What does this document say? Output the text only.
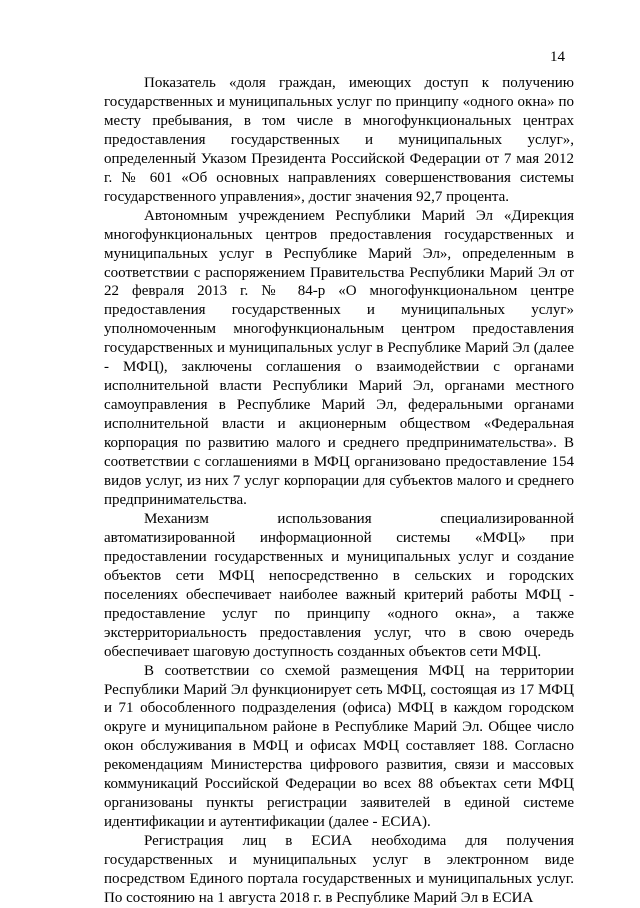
14

Показатель «доля граждан, имеющих доступ к получению государственных и муниципальных услуг по принципу «одного окна» по месту пребывания, в том числе в многофункциональных центрах предоставления государственных и муниципальных услуг», определенный Указом Президента Российской Федерации от 7 мая 2012 г. № 601 «Об основных направлениях совершенствования системы государственного управления», достиг значения 92,7 процента.

Автономным учреждением Республики Марий Эл «Дирекция многофункциональных центров предоставления государственных и муниципальных услуг в Республике Марий Эл», определенным в соответствии с распоряжением Правительства Республики Марий Эл от 22 февраля 2013 г. № 84-р «О многофункциональном центре предоставления государственных и муниципальных услуг» уполномоченным многофункциональным центром предоставления государственных и муниципальных услуг в Республике Марий Эл (далее - МФЦ), заключены соглашения о взаимодействии с органами исполнительной власти Республики Марий Эл, органами местного самоуправления в Республике Марий Эл, федеральными органами исполнительной власти и акционерным обществом «Федеральная корпорация по развитию малого и среднего предпринимательства». В соответствии с соглашениями в МФЦ организовано предоставление 154 видов услуг, из них 7 услуг корпорации для субъектов малого и среднего предпринимательства.

Механизм использования специализированной автоматизированной информационной системы «МФЦ» при предоставлении государственных и муниципальных услуг и создание объектов сети МФЦ непосредственно в сельских и городских поселениях обеспечивает наиболее важный критерий работы МФЦ - предоставление услуг по принципу «одного окна», а также экстерриториальность предоставления услуг, что в свою очередь обеспечивает шаговую доступность созданных объектов сети МФЦ.

В соответствии со схемой размещения МФЦ на территории Республики Марий Эл функционирует сеть МФЦ, состоящая из 17 МФЦ и 71 обособленного подразделения (офиса) МФЦ в каждом городском округе и муниципальном районе в Республике Марий Эл. Общее число окон обслуживания в МФЦ и офисах МФЦ составляет 188. Согласно рекомендациям Министерства цифрового развития, связи и массовых коммуникаций Российской Федерации во всех 88 объектах сети МФЦ организованы пункты регистрации заявителей в единой системе идентификации и аутентификации (далее - ЕСИА).

Регистрация лиц в ЕСИА необходима для получения государственных и муниципальных услуг в электронном виде посредством Единого портала государственных и муниципальных услуг. По состоянию на 1 августа 2018 г. в Республике Марий Эл в ЕСИА
